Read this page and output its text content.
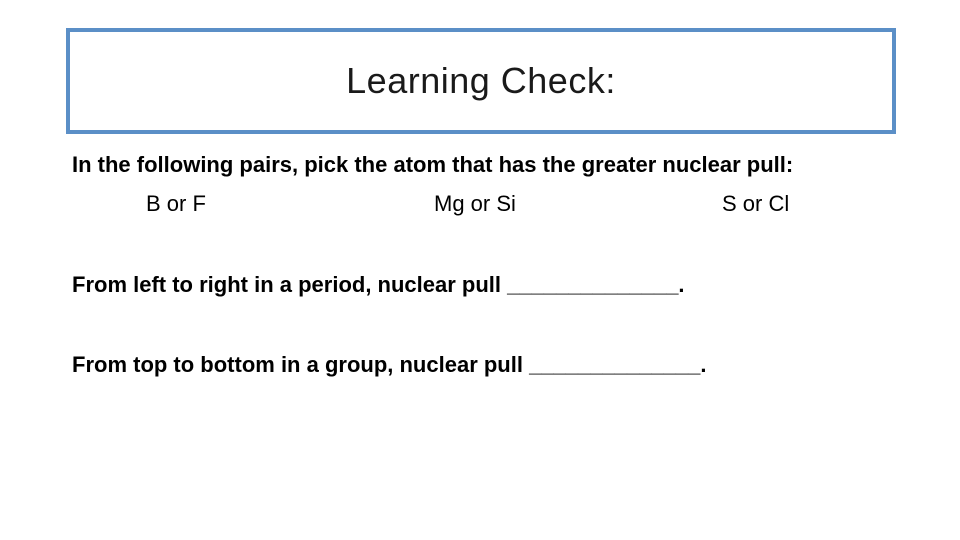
Learning Check:
In the following pairs, pick the atom that has the greater nuclear pull:
B or F	Mg or Si	S or Cl
From left to right in a period, nuclear pull ______________.
From top to bottom in a group, nuclear pull ______________.
